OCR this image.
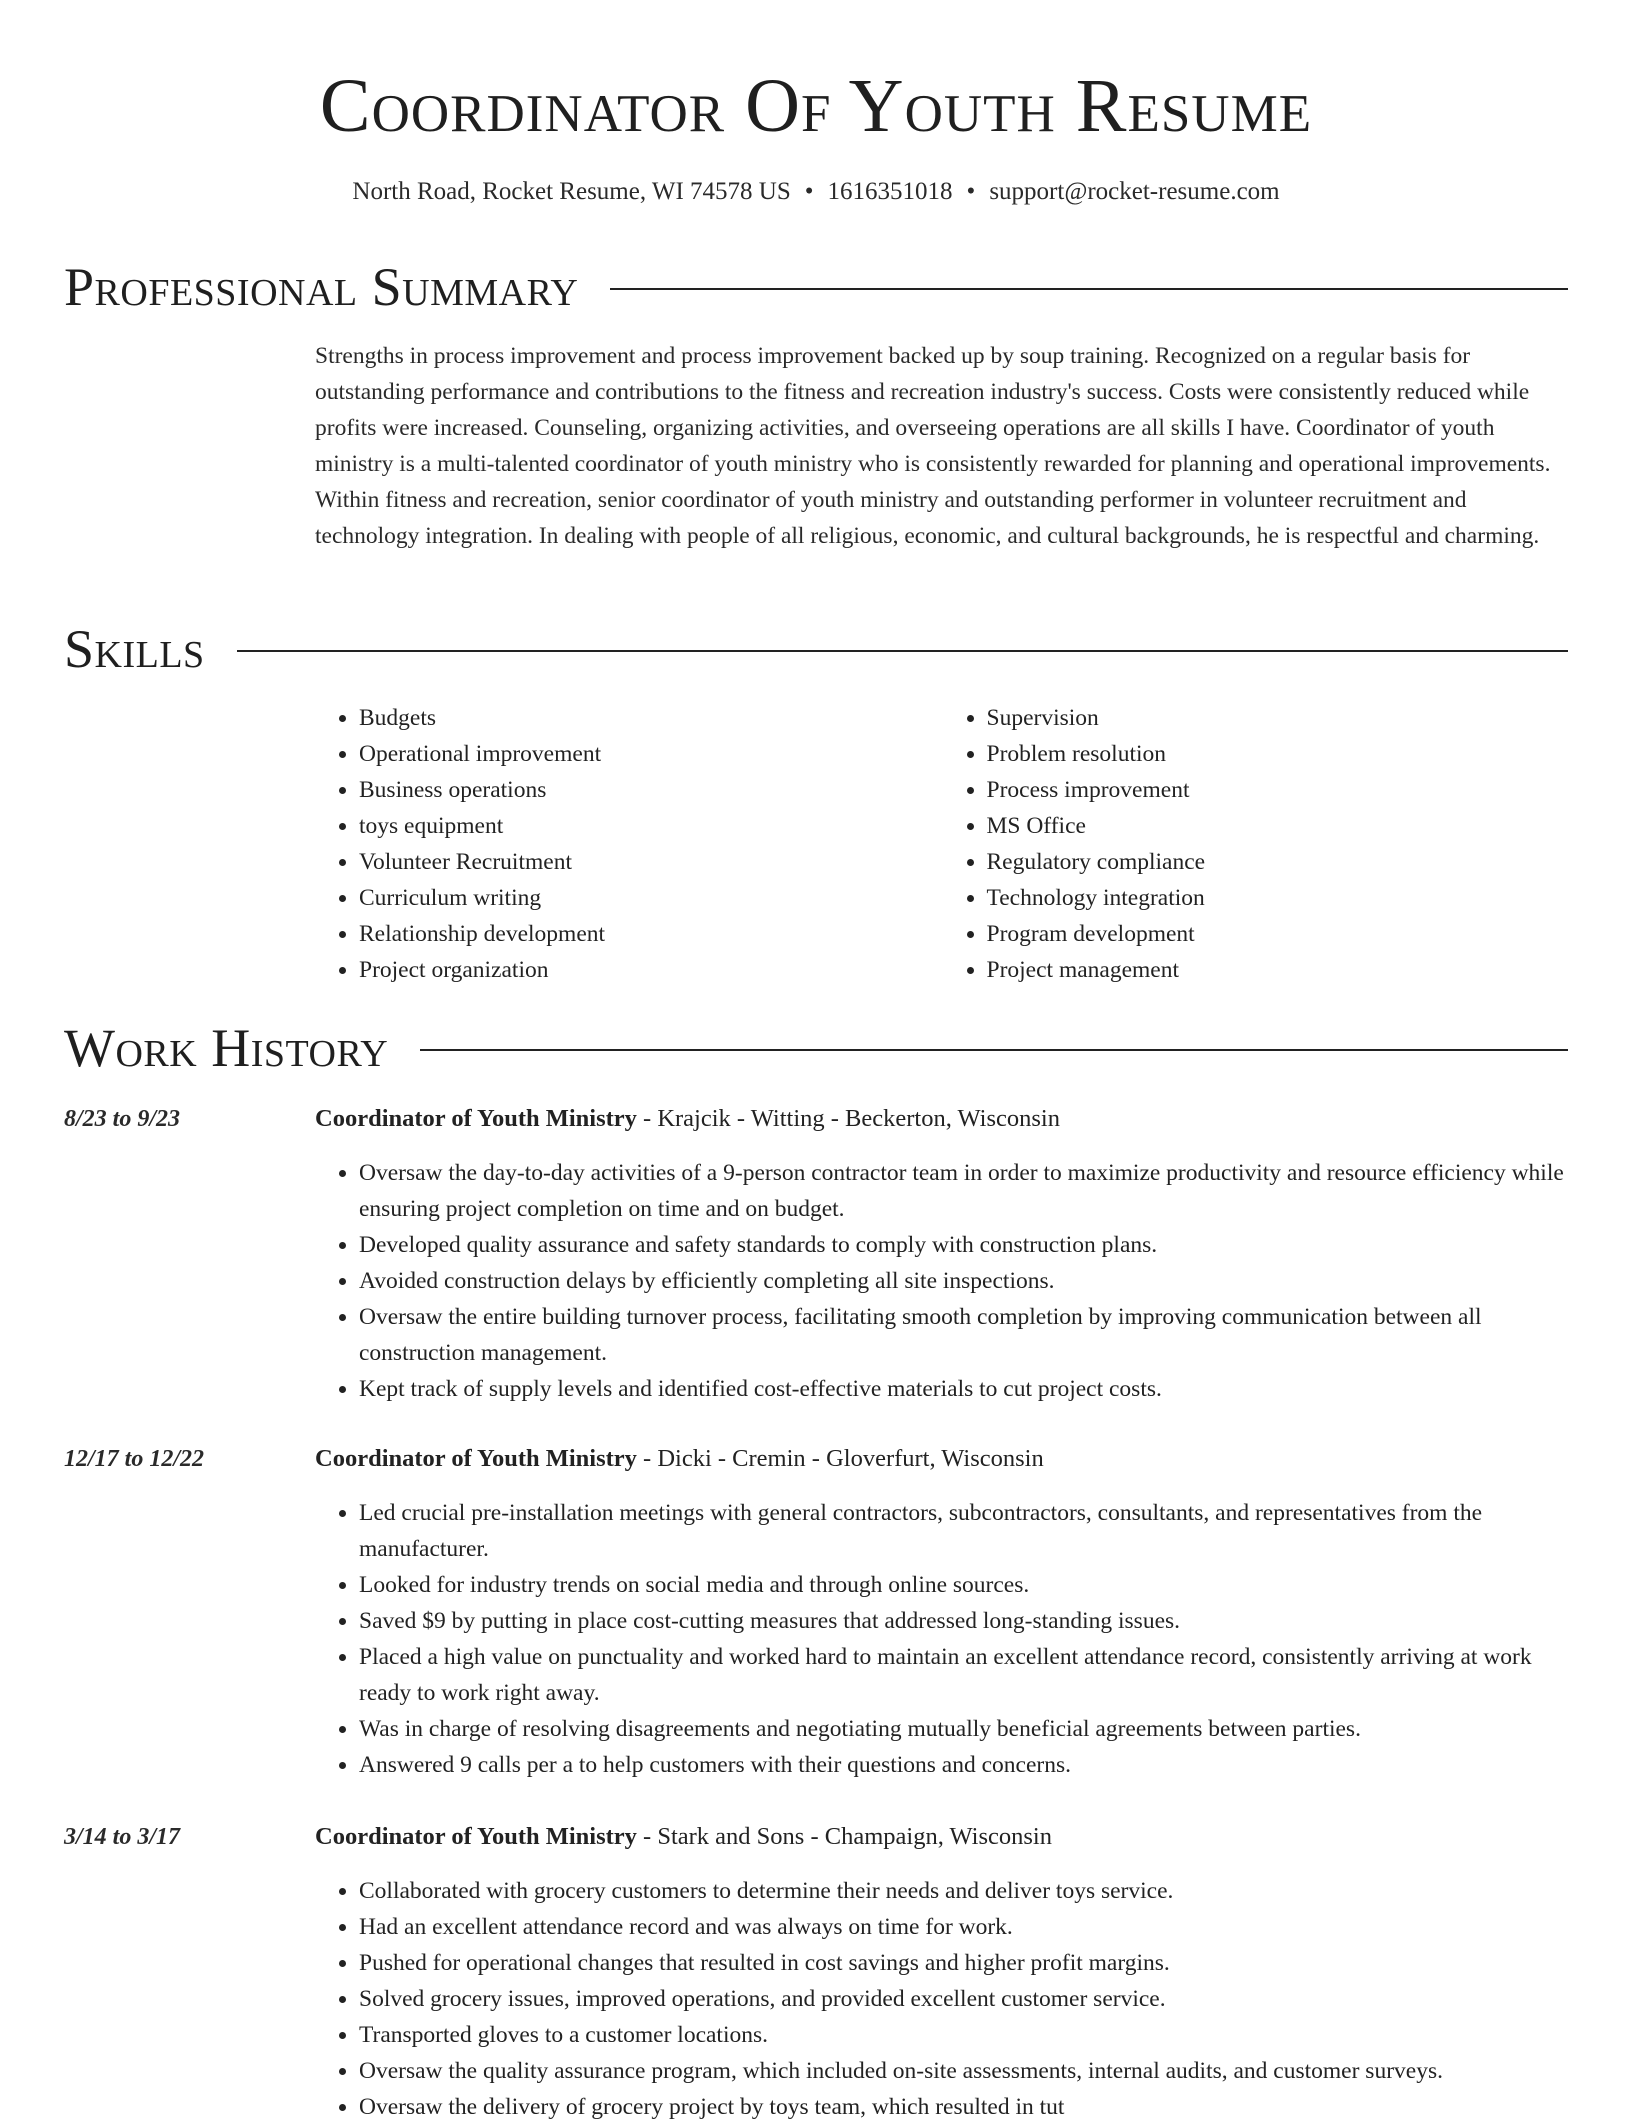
Coordinator Of Youth Resume
North Road, Rocket Resume, WI 74578 US • 1616351018 • support@rocket-resume.com
Professional Summary

Strengths in process improvement and process improvement backed up by soup training. Recognized on a regular basis for outstanding performance and contributions to the fitness and recreation industry's success. Costs were consistently reduced while profits were increased. Counseling, organizing activities, and overseeing operations are all skills I have. Coordinator of youth ministry is a multi-talented coordinator of youth ministry who is consistently rewarded for planning and operational improvements. Within fitness and recreation, senior coordinator of youth ministry and outstanding performer in volunteer recruitment and technology integration. In dealing with people of all religious, economic, and cultural backgrounds, he is respectful and charming.

Skills
• Budgets
• Operational improvement
• Business operations
• toys equipment
• Volunteer Recruitment
• Curriculum writing
• Relationship development
• Project organization
• Supervision
• Problem resolution
• Process improvement
• MS Office
• Regulatory compliance
• Technology integration
• Program development
• Project management
Work History
8/23 to 9/23	Coordinator of Youth Ministry - Krajcik - Witting - Beckerton, Wisconsin
• Oversaw the day-to-day activities of a 9-person contractor team in order to maximize productivity and resource efficiency while ensuring project completion on time and on budget.
• Developed quality assurance and safety standards to comply with construction plans.
• Avoided construction delays by efficiently completing all site inspections.
• Oversaw the entire building turnover process, facilitating smooth completion by improving communication between all construction management.
• Kept track of supply levels and identified cost-effective materials to cut project costs.
12/17 to 12/22	Coordinator of Youth Ministry - Dicki - Cremin - Gloverfurt, Wisconsin
• Led crucial pre-installation meetings with general contractors, subcontractors, consultants, and representatives from the manufacturer.
• Looked for industry trends on social media and through online sources.
• Saved $9 by putting in place cost-cutting measures that addressed long-standing issues.
• Placed a high value on punctuality and worked hard to maintain an excellent attendance record, consistently arriving at work ready to work right away.
• Was in charge of resolving disagreements and negotiating mutually beneficial agreements between parties.
• Answered 9 calls per a to help customers with their questions and concerns.
3/14 to 3/17	Coordinator of Youth Ministry - Stark and Sons - Champaign, Wisconsin
• Collaborated with grocery customers to determine their needs and deliver toys service.
• Had an excellent attendance record and was always on time for work.
• Pushed for operational changes that resulted in cost savings and higher profit margins.
• Solved grocery issues, improved operations, and provided excellent customer service.
• Transported gloves to a customer locations.
• Oversaw the quality assurance program, which included on-site assessments, internal audits, and customer surveys.
• Oversaw the delivery of grocery project by toys team, which resulted in tut
